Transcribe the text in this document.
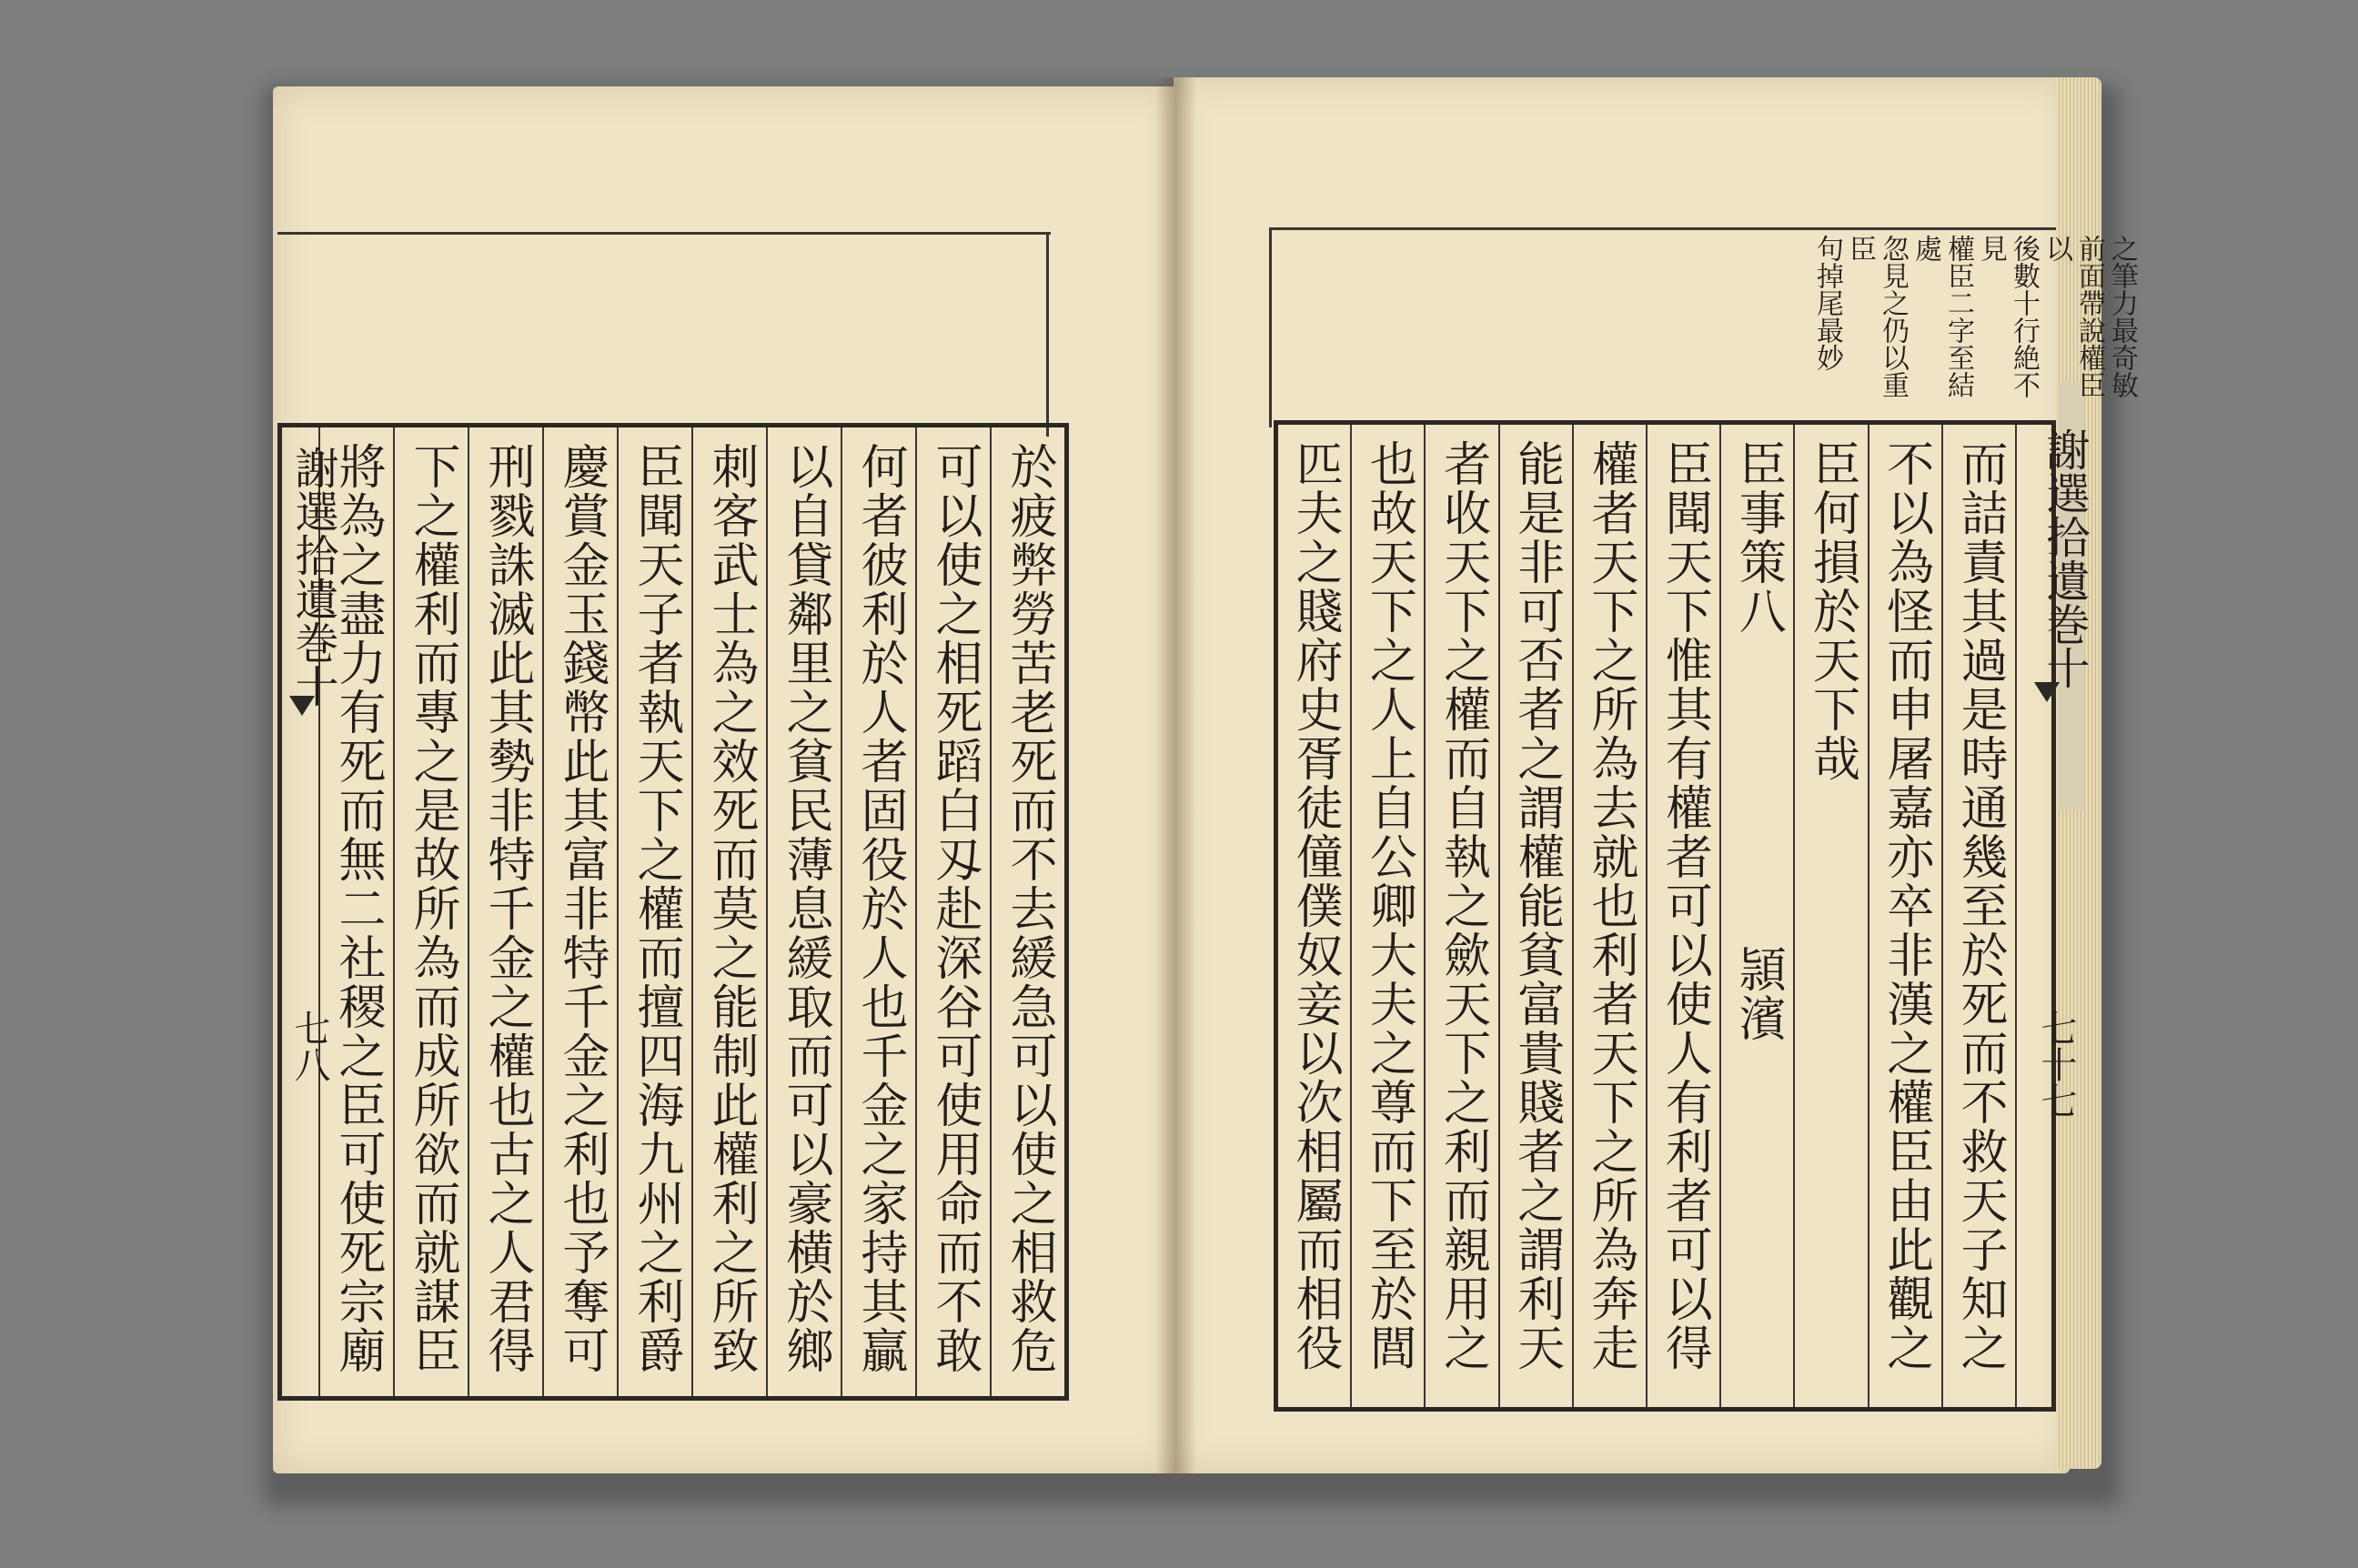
之筆力最奇敏
前面帶說權臣以
後數十行絶不見
權臣二字至結處
忽見之仍以重臣
句掉尾最妙
於疲弊勞苦老死而不去緩急可以使之相救危
可以使之相死蹈白刄赴深谷可使用命而不敢
何者彼利於人者固役於人也千金之家持其贏
以自貸鄰里之貧民薄息緩取而可以豪横於鄉
刺客武士為之效死而莫之能制此權利之所致
臣聞天子者執天下之權而擅四海九州之利爵
慶賞金玉錢幣此其富非特千金之利也予奪可
刑戮誅滅此其勢非特千金之權也古之人君得
下之權利而專之是故所為而成所欲而就謀臣
將為之盡力有死而無二社稷之臣可使死宗廟
謝選拾遺巻十
七八
而詰責其過是時通幾至於死而不救天子知之
不以為怪而申屠嘉亦卒非漢之權臣由此觀之
臣何損於天下哉
臣事策八頴濱
臣聞天下惟其有權者可以使人有利者可以得
權者天下之所為去就也利者天下之所為奔走
能是非可否者之謂權能貧富貴賤者之謂利天
者收天下之權而自執之歛天下之利而親用之
也故天下之人上自公卿大夫之尊而下至於閭
匹夫之賤府史胥徒僮僕奴妾以次相屬而相役
謝選拾遺巻十
七十七
